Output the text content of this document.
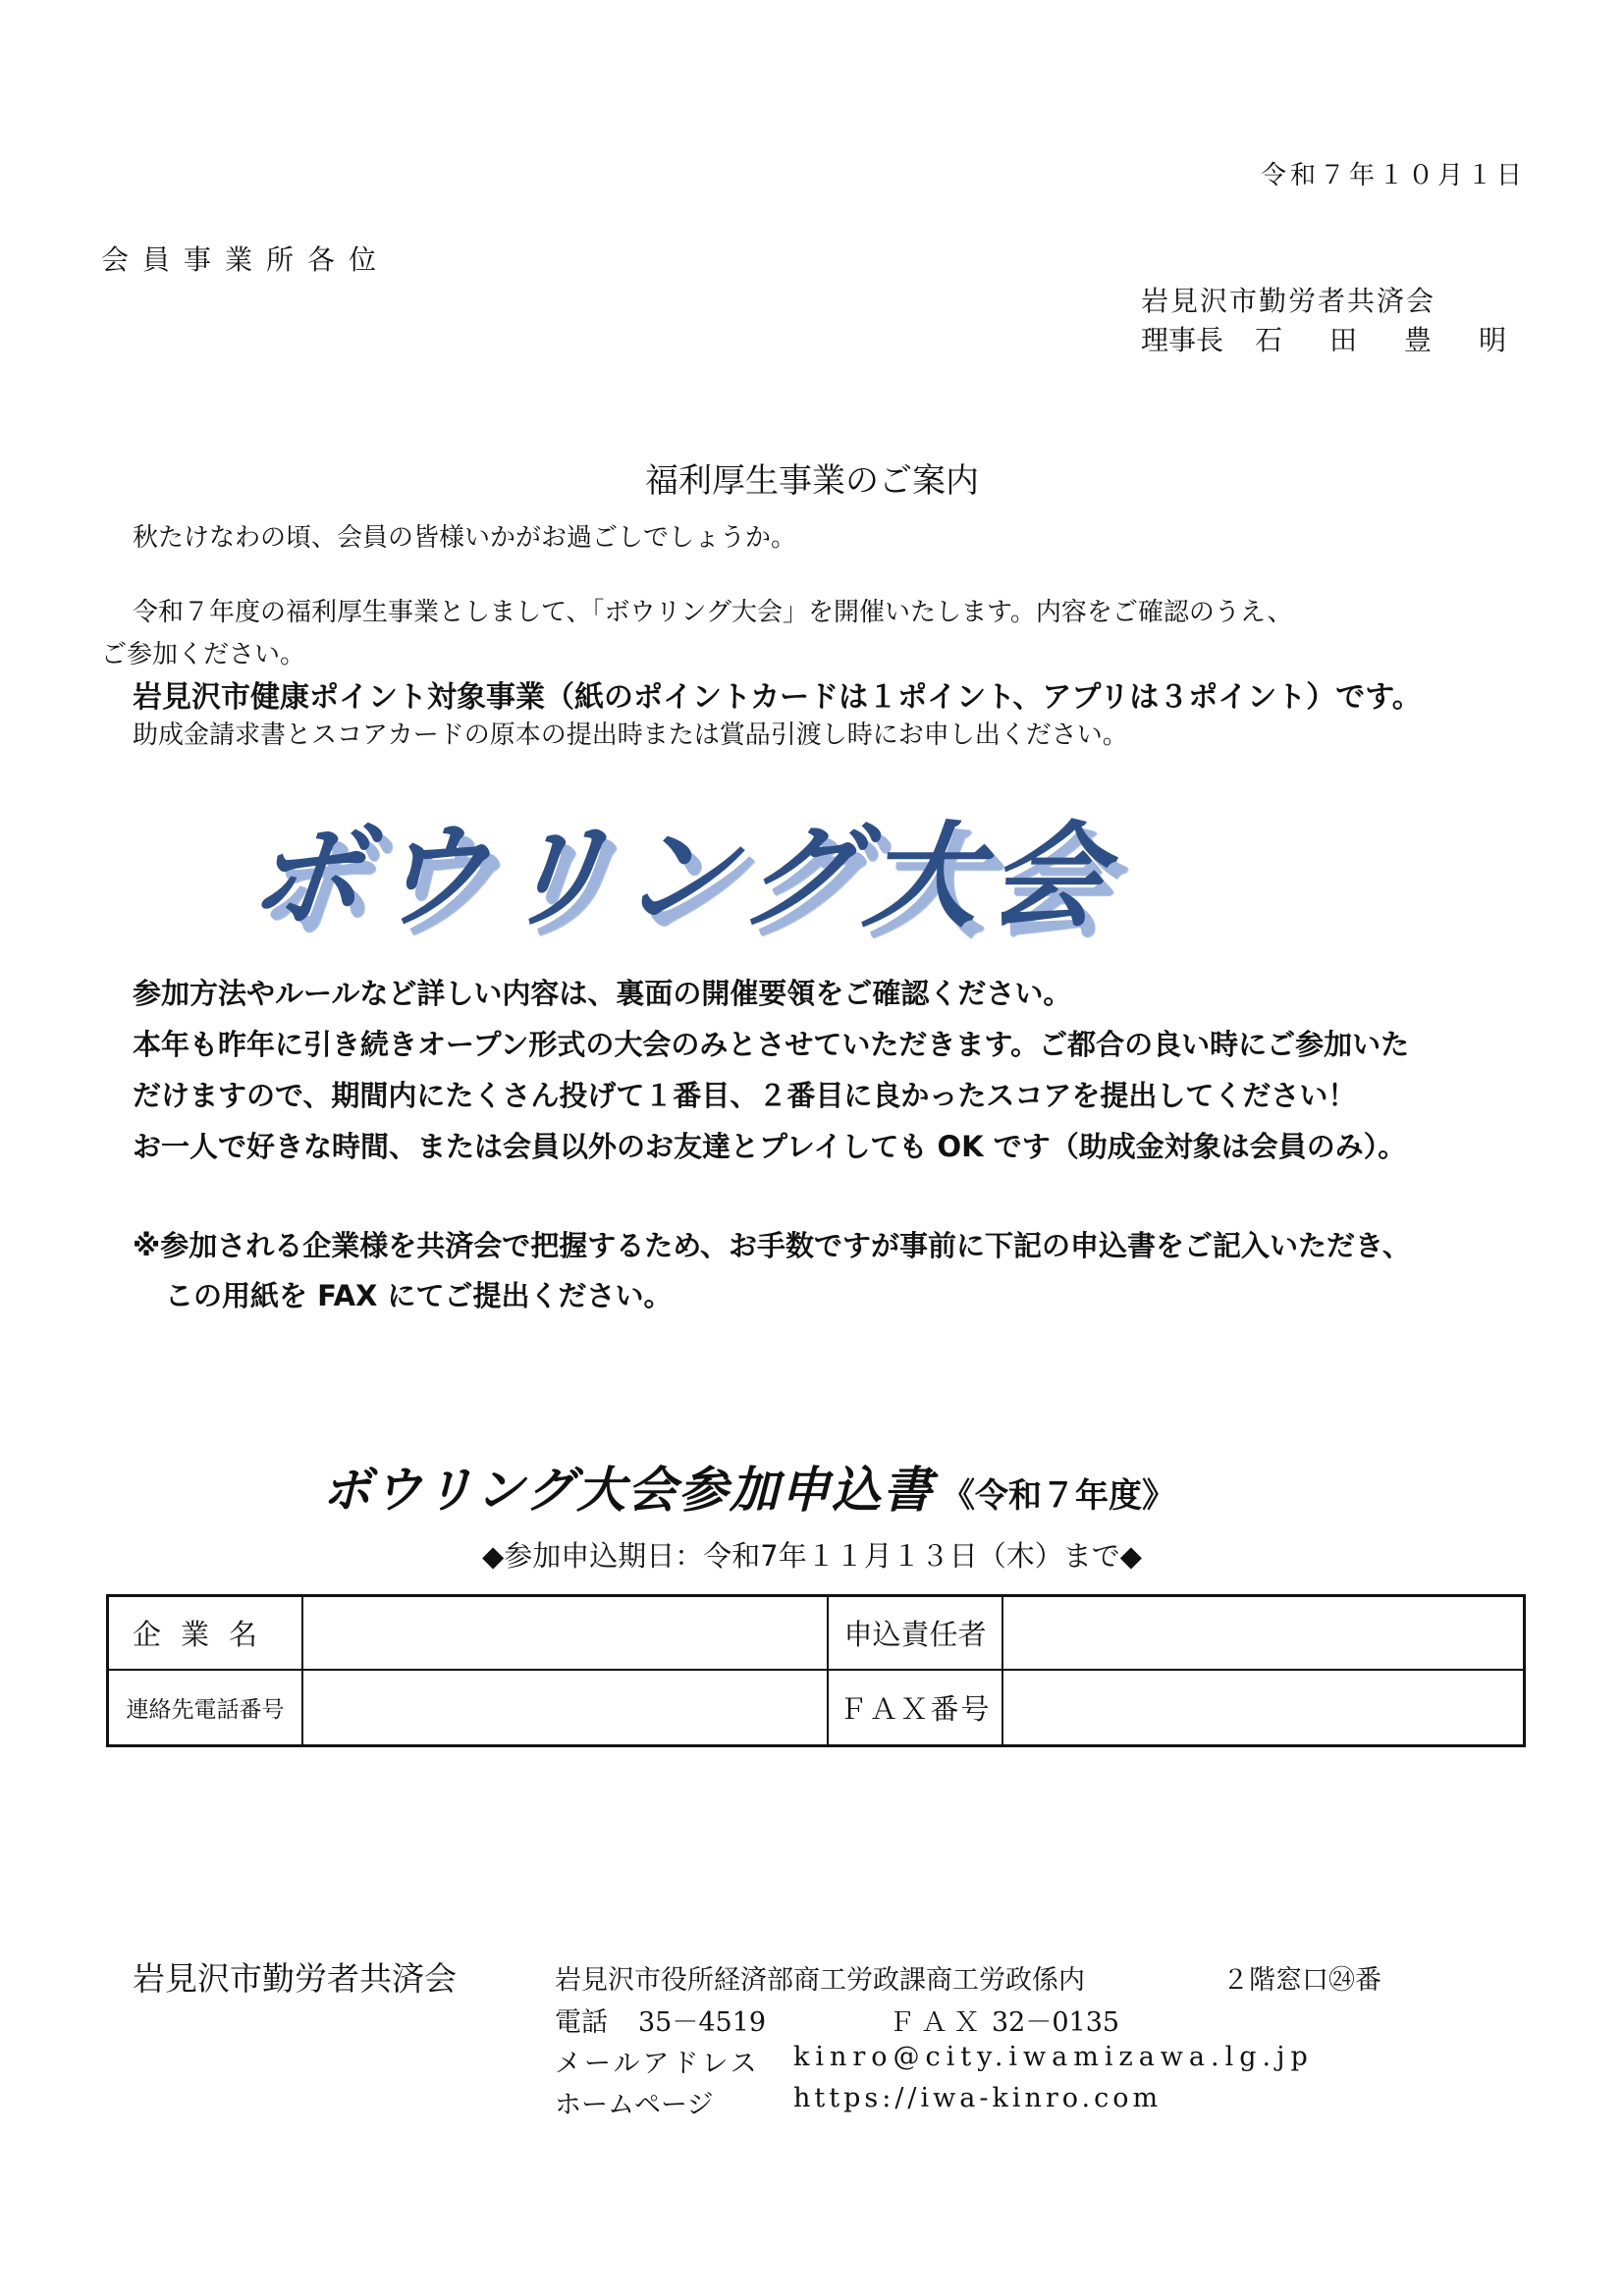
令和７年１０月１日
会員事業所各位
岩見沢市勤労者共済会
理事長 石 田 豊 明
福利厚生事業のご案内
秋たけなわの頃、会員の皆様いかがお過ごしでしょうか。
令和７年度の福利厚生事業としまして、「ボウリング大会」を開催いたします。内容をご確認のうえ、
ご参加ください。
岩見沢市健康ポイント対象事業（紙のポイントカードは１ポイント、アプリは３ポイント）です。
助成金請求書とスコアカードの原本の提出時または賞品引渡し時にお申し出ください。
ボウリング大会
参加方法やルールなど詳しい内容は、裏面の開催要領をご確認ください。
本年も昨年に引き続きオープン形式の大会のみとさせていただきます。ご都合の良い時にご参加いた
だけますので、期間内にたくさん投げて１番目、２番目に良かったスコアを提出してください！
お一人で好きな時間、または会員以外のお友達とプレイしても OK です（助成金対象は会員のみ）。
※参加される企業様を共済会で把握するため、お手数ですが事前に下記の申込書をご記入いただき、
この用紙を FAX にてご提出ください。
ボウリング大会参加申込書 《令和７年度》
◆参加申込期日：令和7年１１月１３日（木）まで◆
企業名	申込責任者
連絡先電話番号	ＦＡＸ番号
岩見沢市勤労者共済会	岩見沢市役所経済部商工労政課商工労政係内	２階窓口㉔番
電話 35－4519	ＦＡＸ 32－0135
メールアドレス kinro@city.iwamizawa.lg.jp
ホームページ	https://iwa-kinro.com
